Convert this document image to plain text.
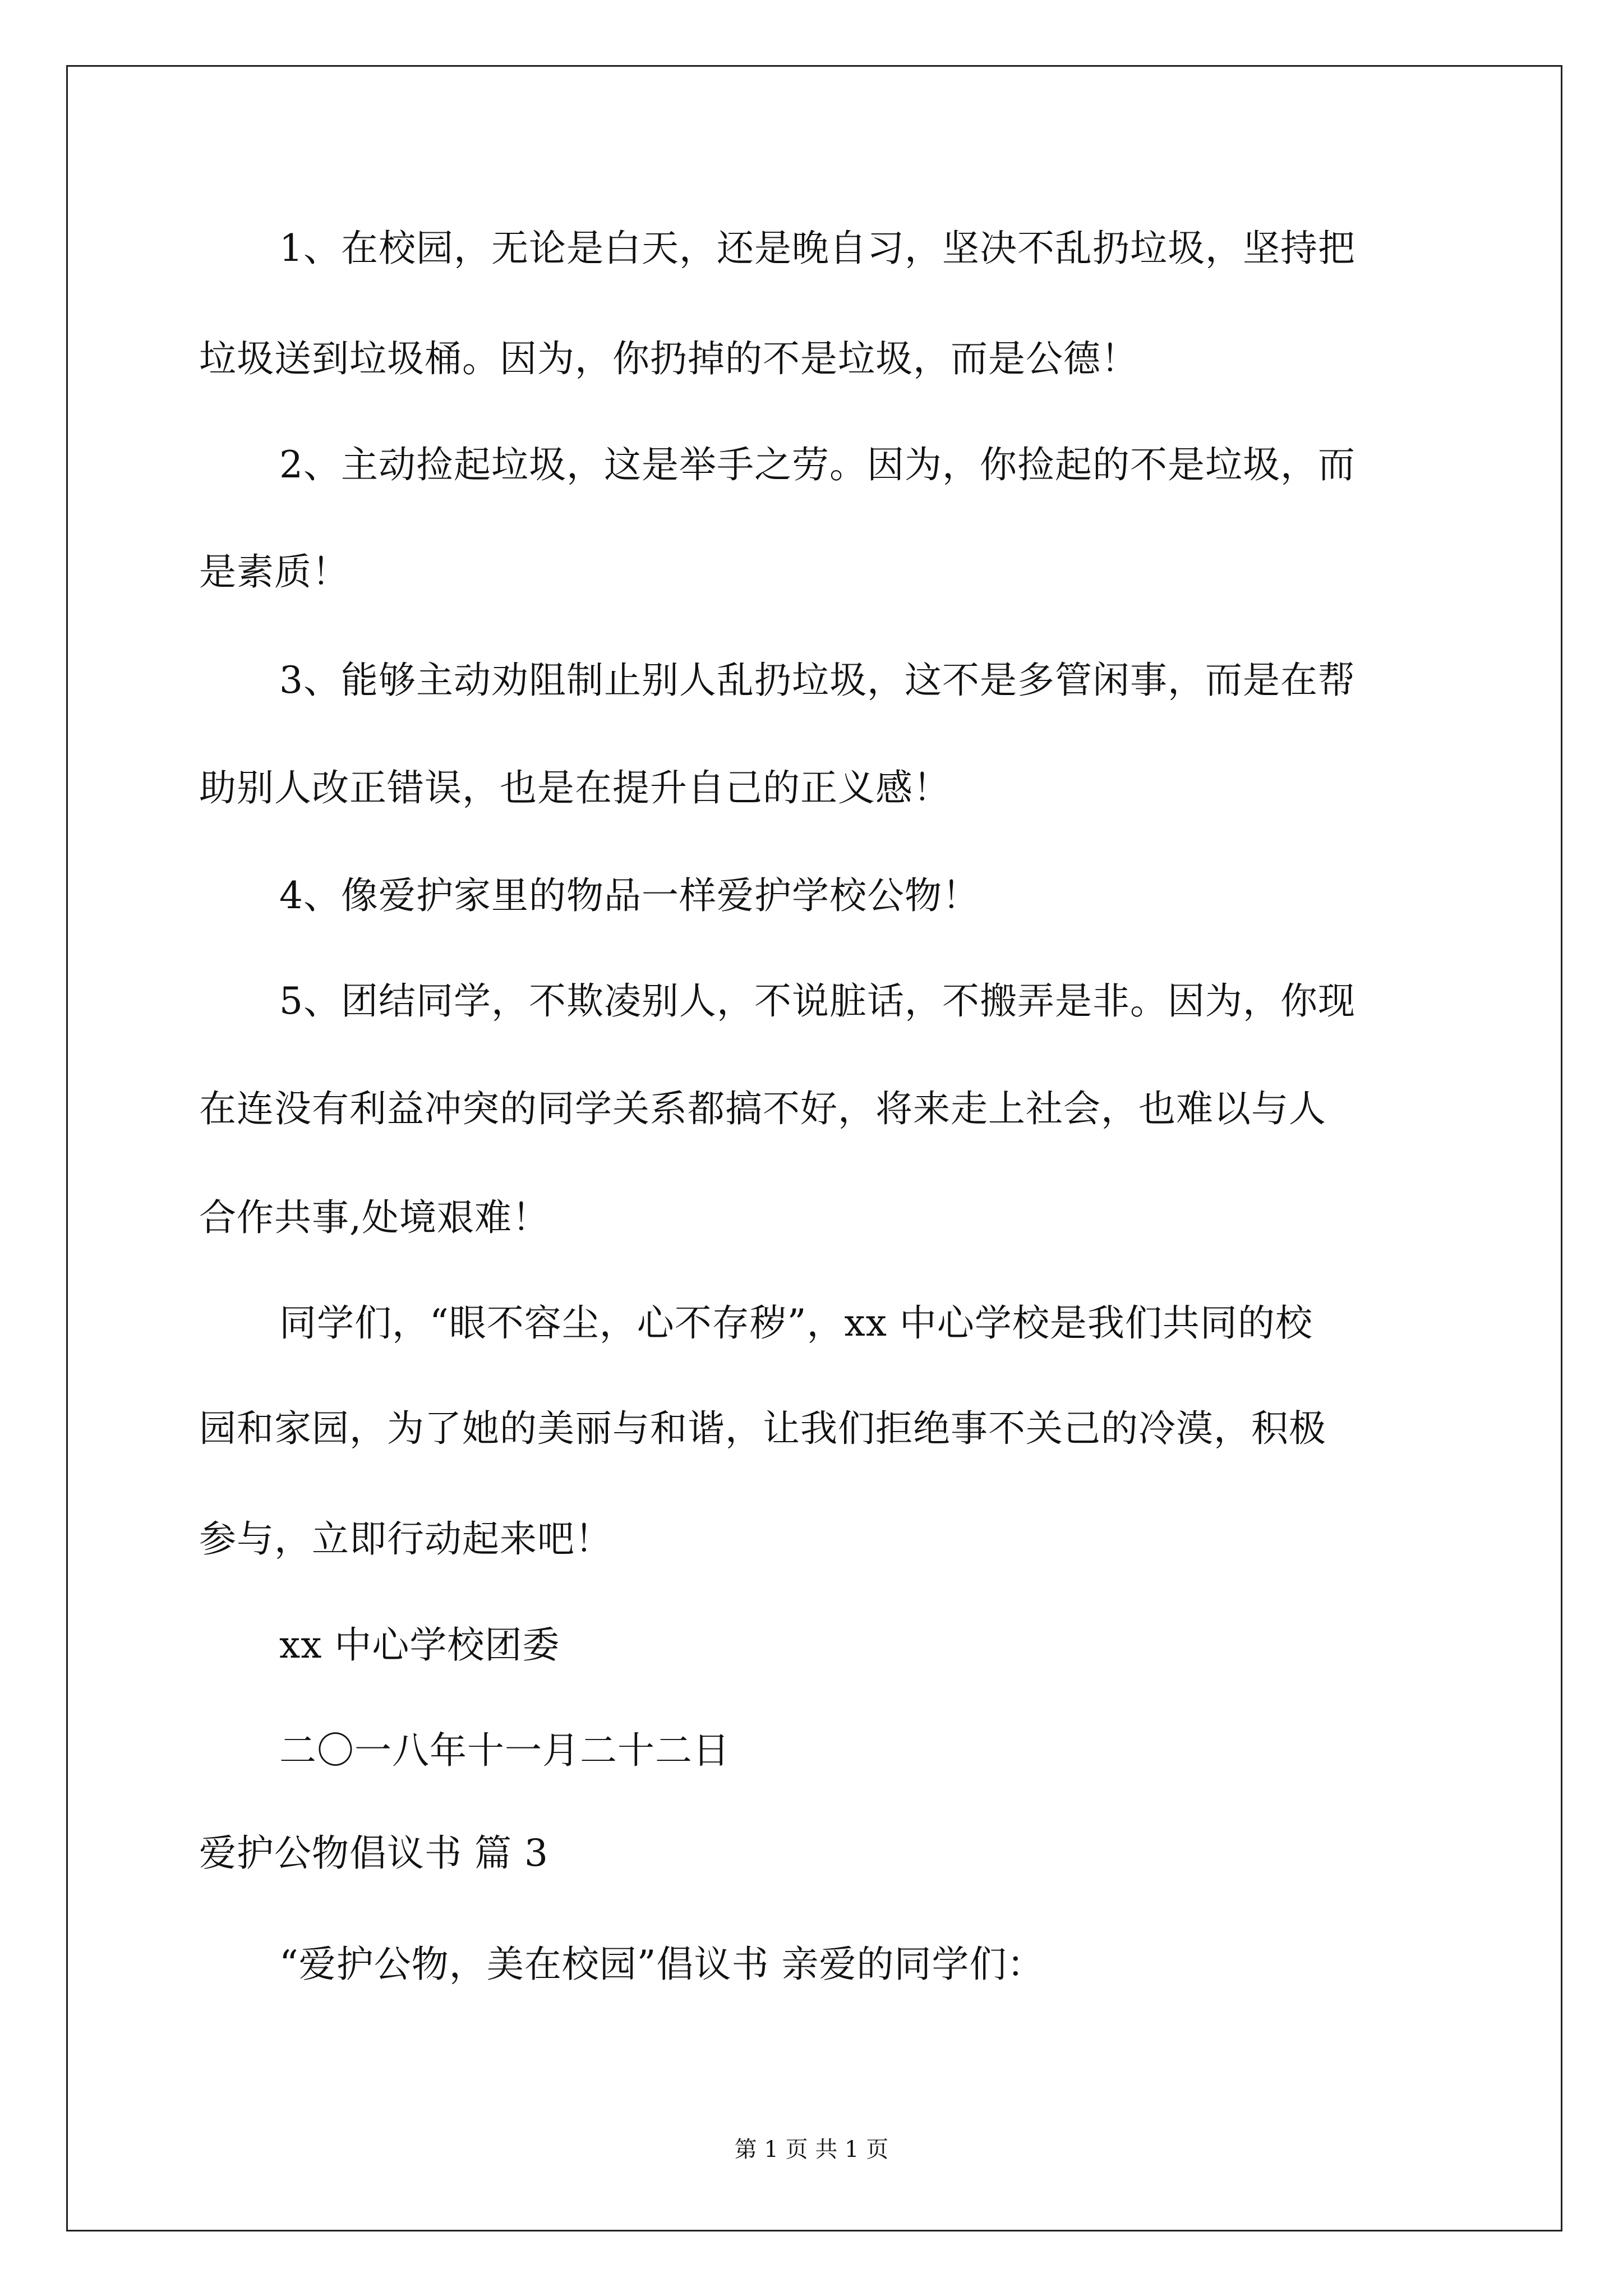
1、在校园，无论是白天，还是晚自习，坚决不乱扔垃圾，坚持把
垃圾送到垃圾桶。因为，你扔掉的不是垃圾，而是公德！
2、主动捡起垃圾，这是举手之劳。因为，你捡起的不是垃圾，而
是素质！
3、能够主动劝阻制止别人乱扔垃圾，这不是多管闲事，而是在帮
助别人改正错误，也是在提升自己的正义感！
4、像爱护家里的物品一样爱护学校公物！
5、团结同学，不欺凌别人，不说脏话，不搬弄是非。因为，你现
在连没有利益冲突的同学关系都搞不好，将来走上社会，也难以与人
合作共事,处境艰难！
同学们，“眼不容尘，心不存秽”，xx 中心学校是我们共同的校
园和家园，为了她的美丽与和谐，让我们拒绝事不关己的冷漠，积极
参与，立即行动起来吧！
xx 中心学校团委
二〇一八年十一月二十二日
爱护公物倡议书 篇 3
“爱护公物，美在校园”倡议书 亲爱的同学们：
第 1 页 共 1 页
